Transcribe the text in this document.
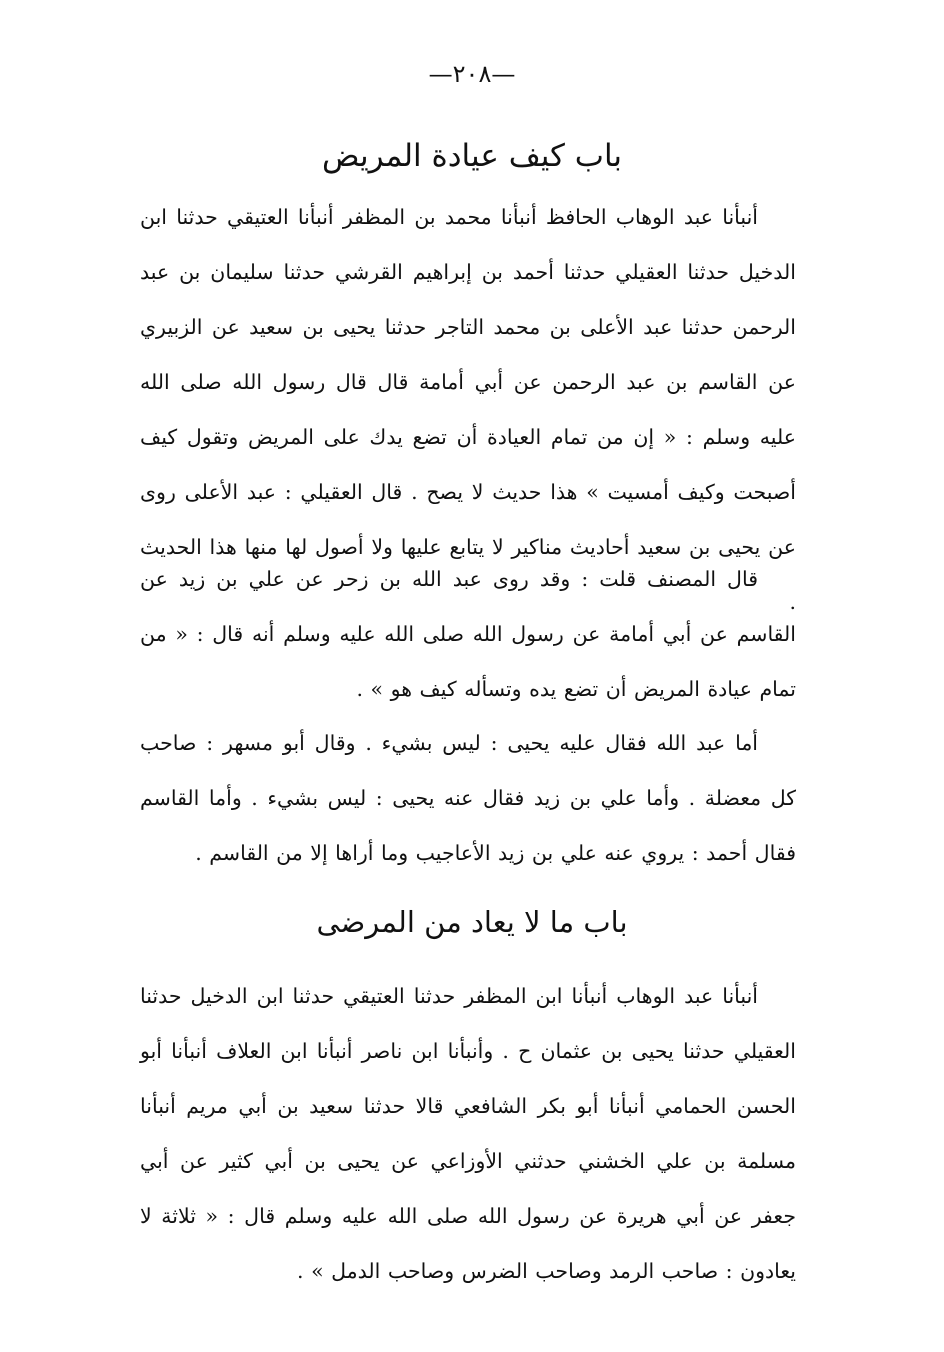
—٢٠٨—
باب كيف عيادة المريض
أنبأنا عبد الوهاب الحافظ أنبأنا محمد بن المظفر أنبأنا العتيقي حدثنا ابن الدخيل حدثنا العقيلي حدثنا أحمد بن إبراهيم القرشي حدثنا سليمان بن عبد الرحمن حدثنا عبد الأعلى بن محمد التاجر حدثنا يحيى بن سعيد عن الزبيري عن القاسم بن عبد الرحمن عن أبي أمامة قال قال رسول الله صلى الله عليه وسلم : « إن من تمام العيادة أن تضع يدك على المريض وتقول كيف أصبحت وكيف أمسيت » هذا حديث لا يصح . قال العقيلي : عبد الأعلى روى عن يحيى بن سعيد أحاديث مناكير لا يتابع عليها ولا أصول لها منها هذا الحديث .
قال المصنف قلت : وقد روى عبد الله بن زحر عن علي بن زيد عن القاسم عن أبي أمامة عن رسول الله صلى الله عليه وسلم أنه قال : « من تمام عيادة المريض أن تضع يده وتسأله كيف هو » .
أما عبد الله فقال عليه يحيى : ليس بشيء . وقال أبو مسهر : صاحب كل معضلة . وأما علي بن زيد فقال عنه يحيى : ليس بشيء . وأما القاسم فقال أحمد : يروي عنه علي بن زيد الأعاجيب وما أراها إلا من القاسم .
باب ما لا يعاد من المرضى
أنبأنا عبد الوهاب أنبأنا ابن المظفر حدثنا العتيقي حدثنا ابن الدخيل حدثنا العقيلي حدثنا يحيى بن عثمان ح . وأنبأنا ابن ناصر أنبأنا ابن العلاف أنبأنا أبو الحسن الحمامي أنبأنا أبو بكر الشافعي قالا حدثنا سعيد بن أبي مريم أنبأنا مسلمة بن علي الخشني حدثني الأوزاعي عن يحيى بن أبي كثير عن أبي جعفر عن أبي هريرة عن رسول الله صلى الله عليه وسلم قال : « ثلاثة لا يعادون : صاحب الرمد وصاحب الضرس وصاحب الدمل » .
